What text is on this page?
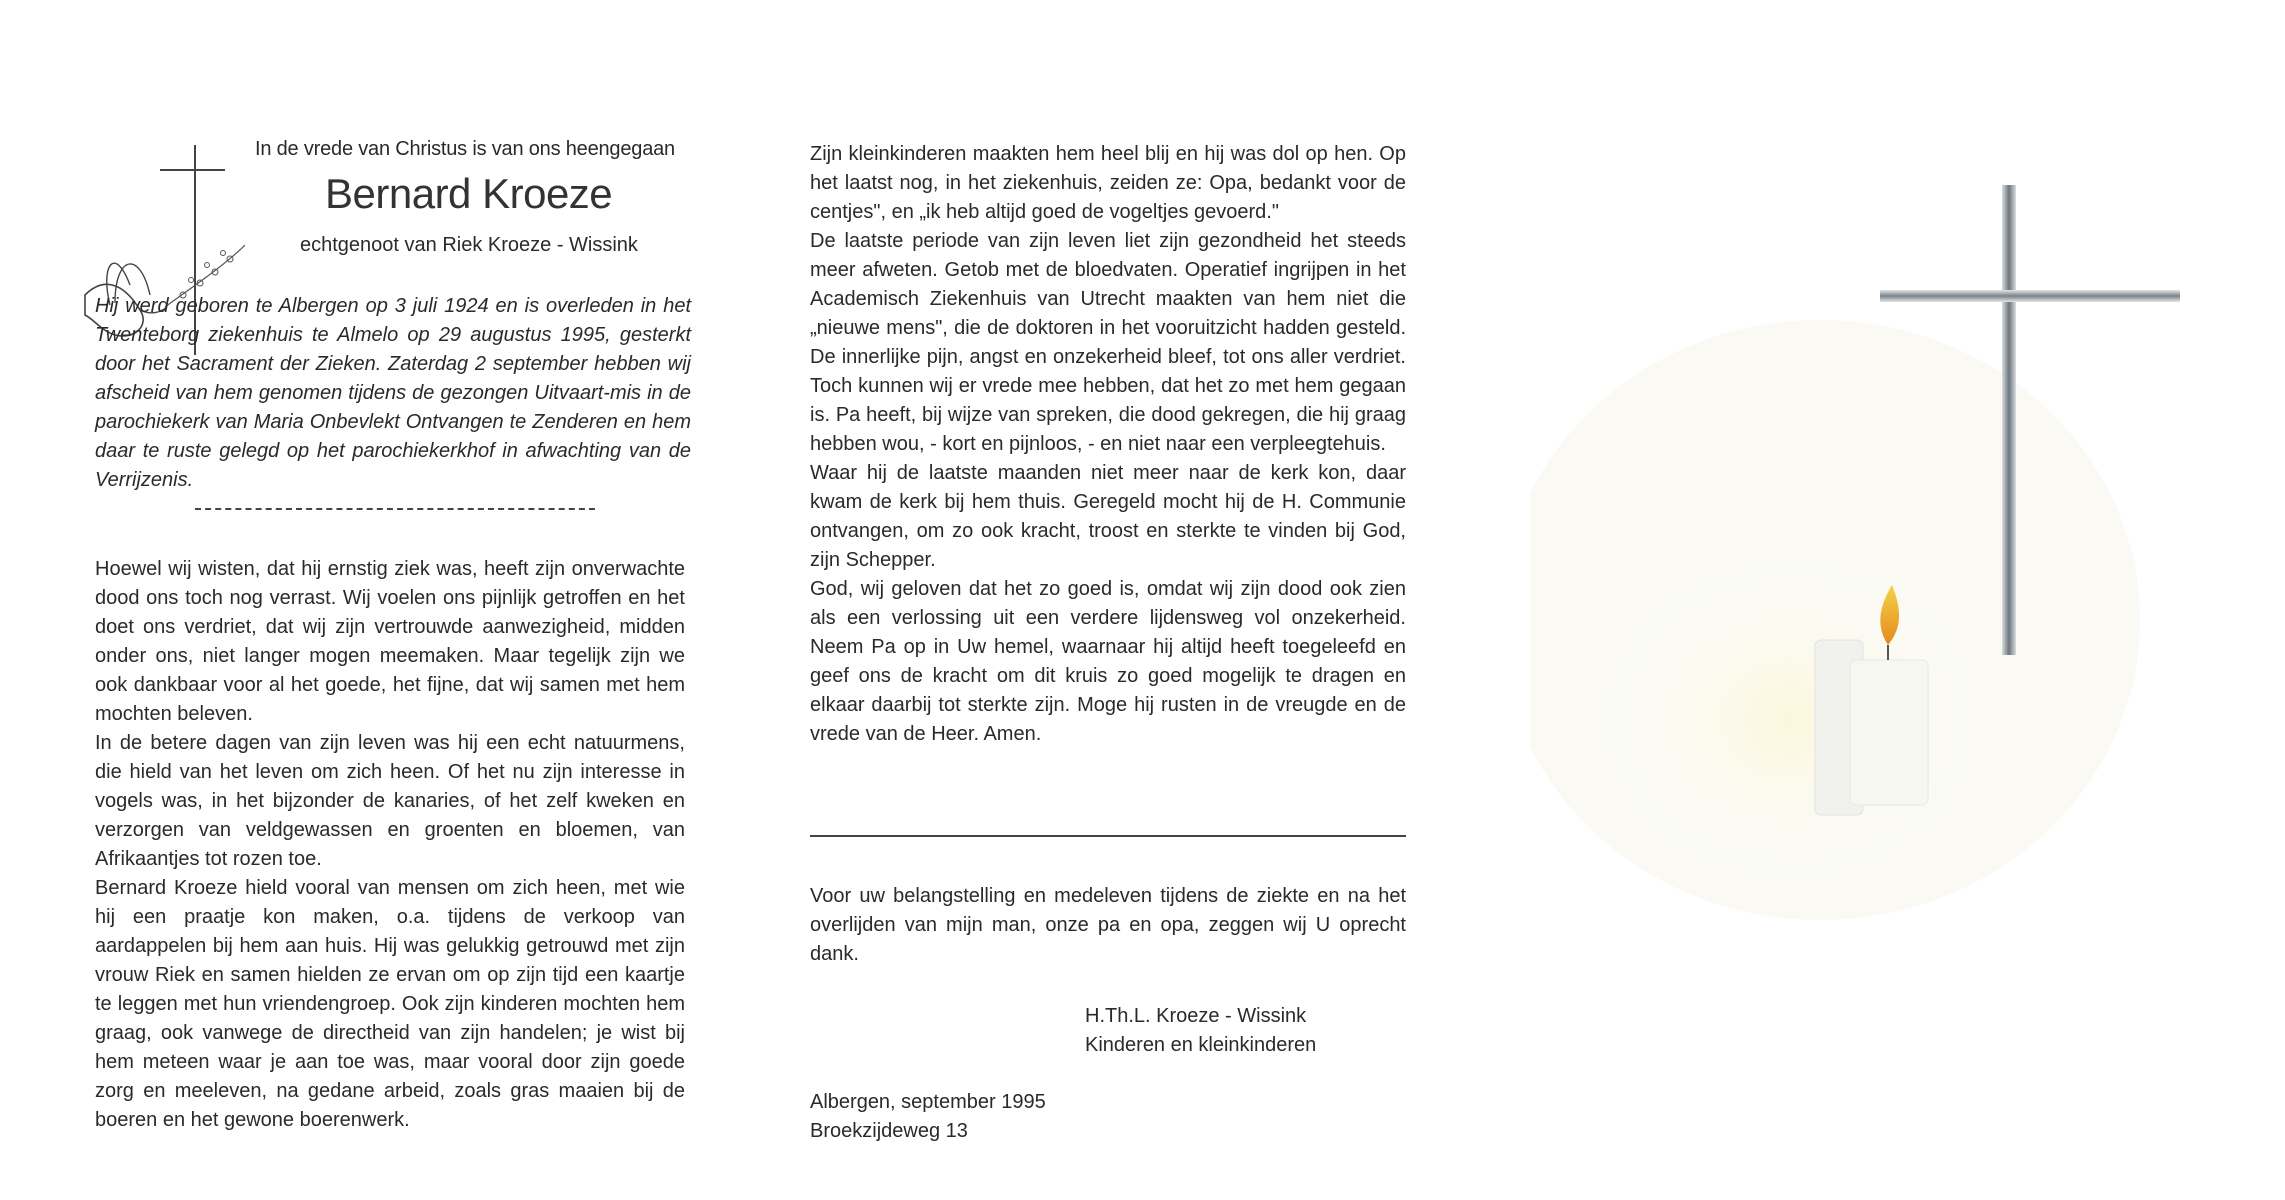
In de vrede van Christus is van ons heengegaan
Bernard Kroeze
echtgenoot van Riek Kroeze - Wissink
Hij werd geboren te Albergen op 3 juli 1924 en is overleden in het Twenteborg ziekenhuis te Almelo op 29 augustus 1995, gesterkt door het Sacrament der Zieken. Zaterdag 2 september hebben wij afscheid van hem genomen tijdens de gezongen Uitvaart-mis in de parochiekerk van Maria Onbevlekt Ontvangen te Zenderen en hem daar te ruste gelegd op het parochiekerkhof in afwachting van de Verrijzenis.

Hoewel wij wisten, dat hij ernstig ziek was, heeft zijn onverwachte dood ons toch nog verrast. Wij voelen ons pijnlijk getroffen en het doet ons verdriet, dat wij zijn vertrouwde aanwezigheid, midden onder ons, niet langer mogen meemaken. Maar tegelijk zijn we ook dankbaar voor al het goede, het fijne, dat wij samen met hem mochten beleven.

In de betere dagen van zijn leven was hij een echt natuurmens, die hield van het leven om zich heen. Of het nu zijn interesse in vogels was, in het bijzonder de kanaries, of het zelf kweken en verzorgen van veldgewassen en groenten en bloemen, van Afrikaantjes tot rozen toe.

Bernard Kroeze hield vooral van mensen om zich heen, met wie hij een praatje kon maken, o.a. tijdens de verkoop van aardappelen bij hem aan huis. Hij was gelukkig getrouwd met zijn vrouw Riek en samen hielden ze ervan om op zijn tijd een kaartje te leggen met hun vriendengroep. Ook zijn kinderen mochten hem graag, ook vanwege de directheid van zijn handelen; je wist bij hem meteen waar je aan toe was, maar vooral door zijn goede zorg en meeleven, na gedane arbeid, zoals gras maaien bij de boeren en het gewone boerenwerk.

Zijn kleinkinderen maakten hem heel blij en hij was dol op hen. Op het laatst nog, in het ziekenhuis, zeiden ze: Opa, bedankt voor de centjes", en „ik heb altijd goed de vogeltjes gevoerd."

De laatste periode van zijn leven liet zijn gezondheid het steeds meer afweten. Getob met de bloedvaten. Operatief ingrijpen in het Academisch Ziekenhuis van Utrecht maakten van hem niet die „nieuwe mens", die de doktoren in het vooruitzicht hadden gesteld. De innerlijke pijn, angst en onzekerheid bleef, tot ons aller verdriet. Toch kunnen wij er vrede mee hebben, dat het zo met hem gegaan is. Pa heeft, bij wijze van spreken, die dood gekregen, die hij graag hebben wou, - kort en pijnloos, - en niet naar een verpleegtehuis.

Waar hij de laatste maanden niet meer naar de kerk kon, daar kwam de kerk bij hem thuis. Geregeld mocht hij de H. Communie ontvangen, om zo ook kracht, troost en sterkte te vinden bij God, zijn Schepper.

God, wij geloven dat het zo goed is, omdat wij zijn dood ook zien als een verlossing uit een verdere lijdensweg vol onzekerheid. Neem Pa op in Uw hemel, waarnaar hij altijd heeft toegeleefd en geef ons de kracht om dit kruis zo goed mogelijk te dragen en elkaar daarbij tot sterkte zijn. Moge hij rusten in de vreugde en de vrede van de Heer. Amen.

Voor uw belangstelling en medeleven tijdens de ziekte en na het overlijden van mijn man, onze pa en opa, zeggen wij U oprecht dank.
H.Th.L. Kroeze - Wissink
Kinderen en kleinkinderen
Albergen, september 1995
Broekzijdeweg 13
